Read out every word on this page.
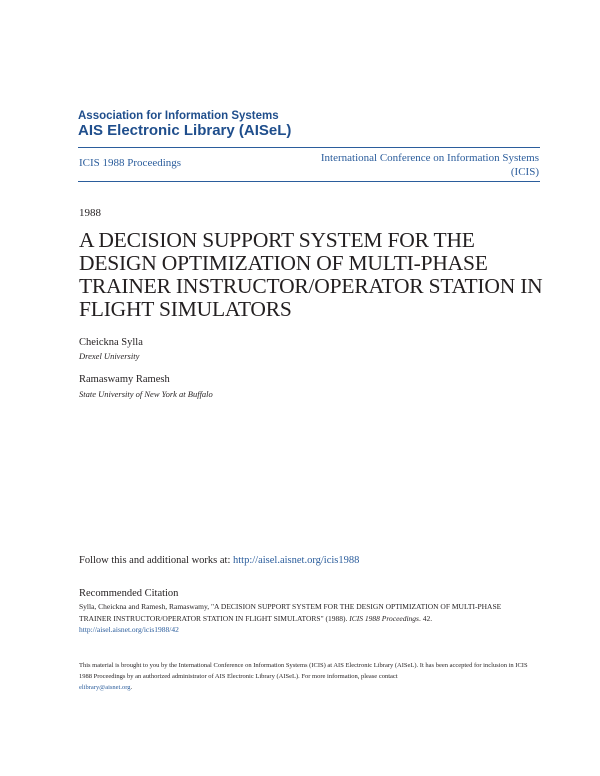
Association for Information Systems
AIS Electronic Library (AISeL)
ICIS 1988 Proceedings	International Conference on Information Systems
(ICIS)
1988
A DECISION SUPPORT SYSTEM FOR THE DESIGN OPTIMIZATION OF MULTI-PHASE TRAINER INSTRUCTOR/OPERATOR STATION IN FLIGHT SIMULATORS
Cheickna Sylla
Drexel University
Ramaswamy Ramesh
State University of New York at Buffalo
Follow this and additional works at: http://aisel.aisnet.org/icis1988
Recommended Citation
Sylla, Cheickna and Ramesh, Ramaswamy, "A DECISION SUPPORT SYSTEM FOR THE DESIGN OPTIMIZATION OF MULTI-PHASE TRAINER INSTRUCTOR/OPERATOR STATION IN FLIGHT SIMULATORS" (1988). ICIS 1988 Proceedings. 42.
http://aisel.aisnet.org/icis1988/42
This material is brought to you by the International Conference on Information Systems (ICIS) at AIS Electronic Library (AISeL). It has been accepted for inclusion in ICIS 1988 Proceedings by an authorized administrator of AIS Electronic Library (AISeL). For more information, please contact
elibrary@aisnet.org.
